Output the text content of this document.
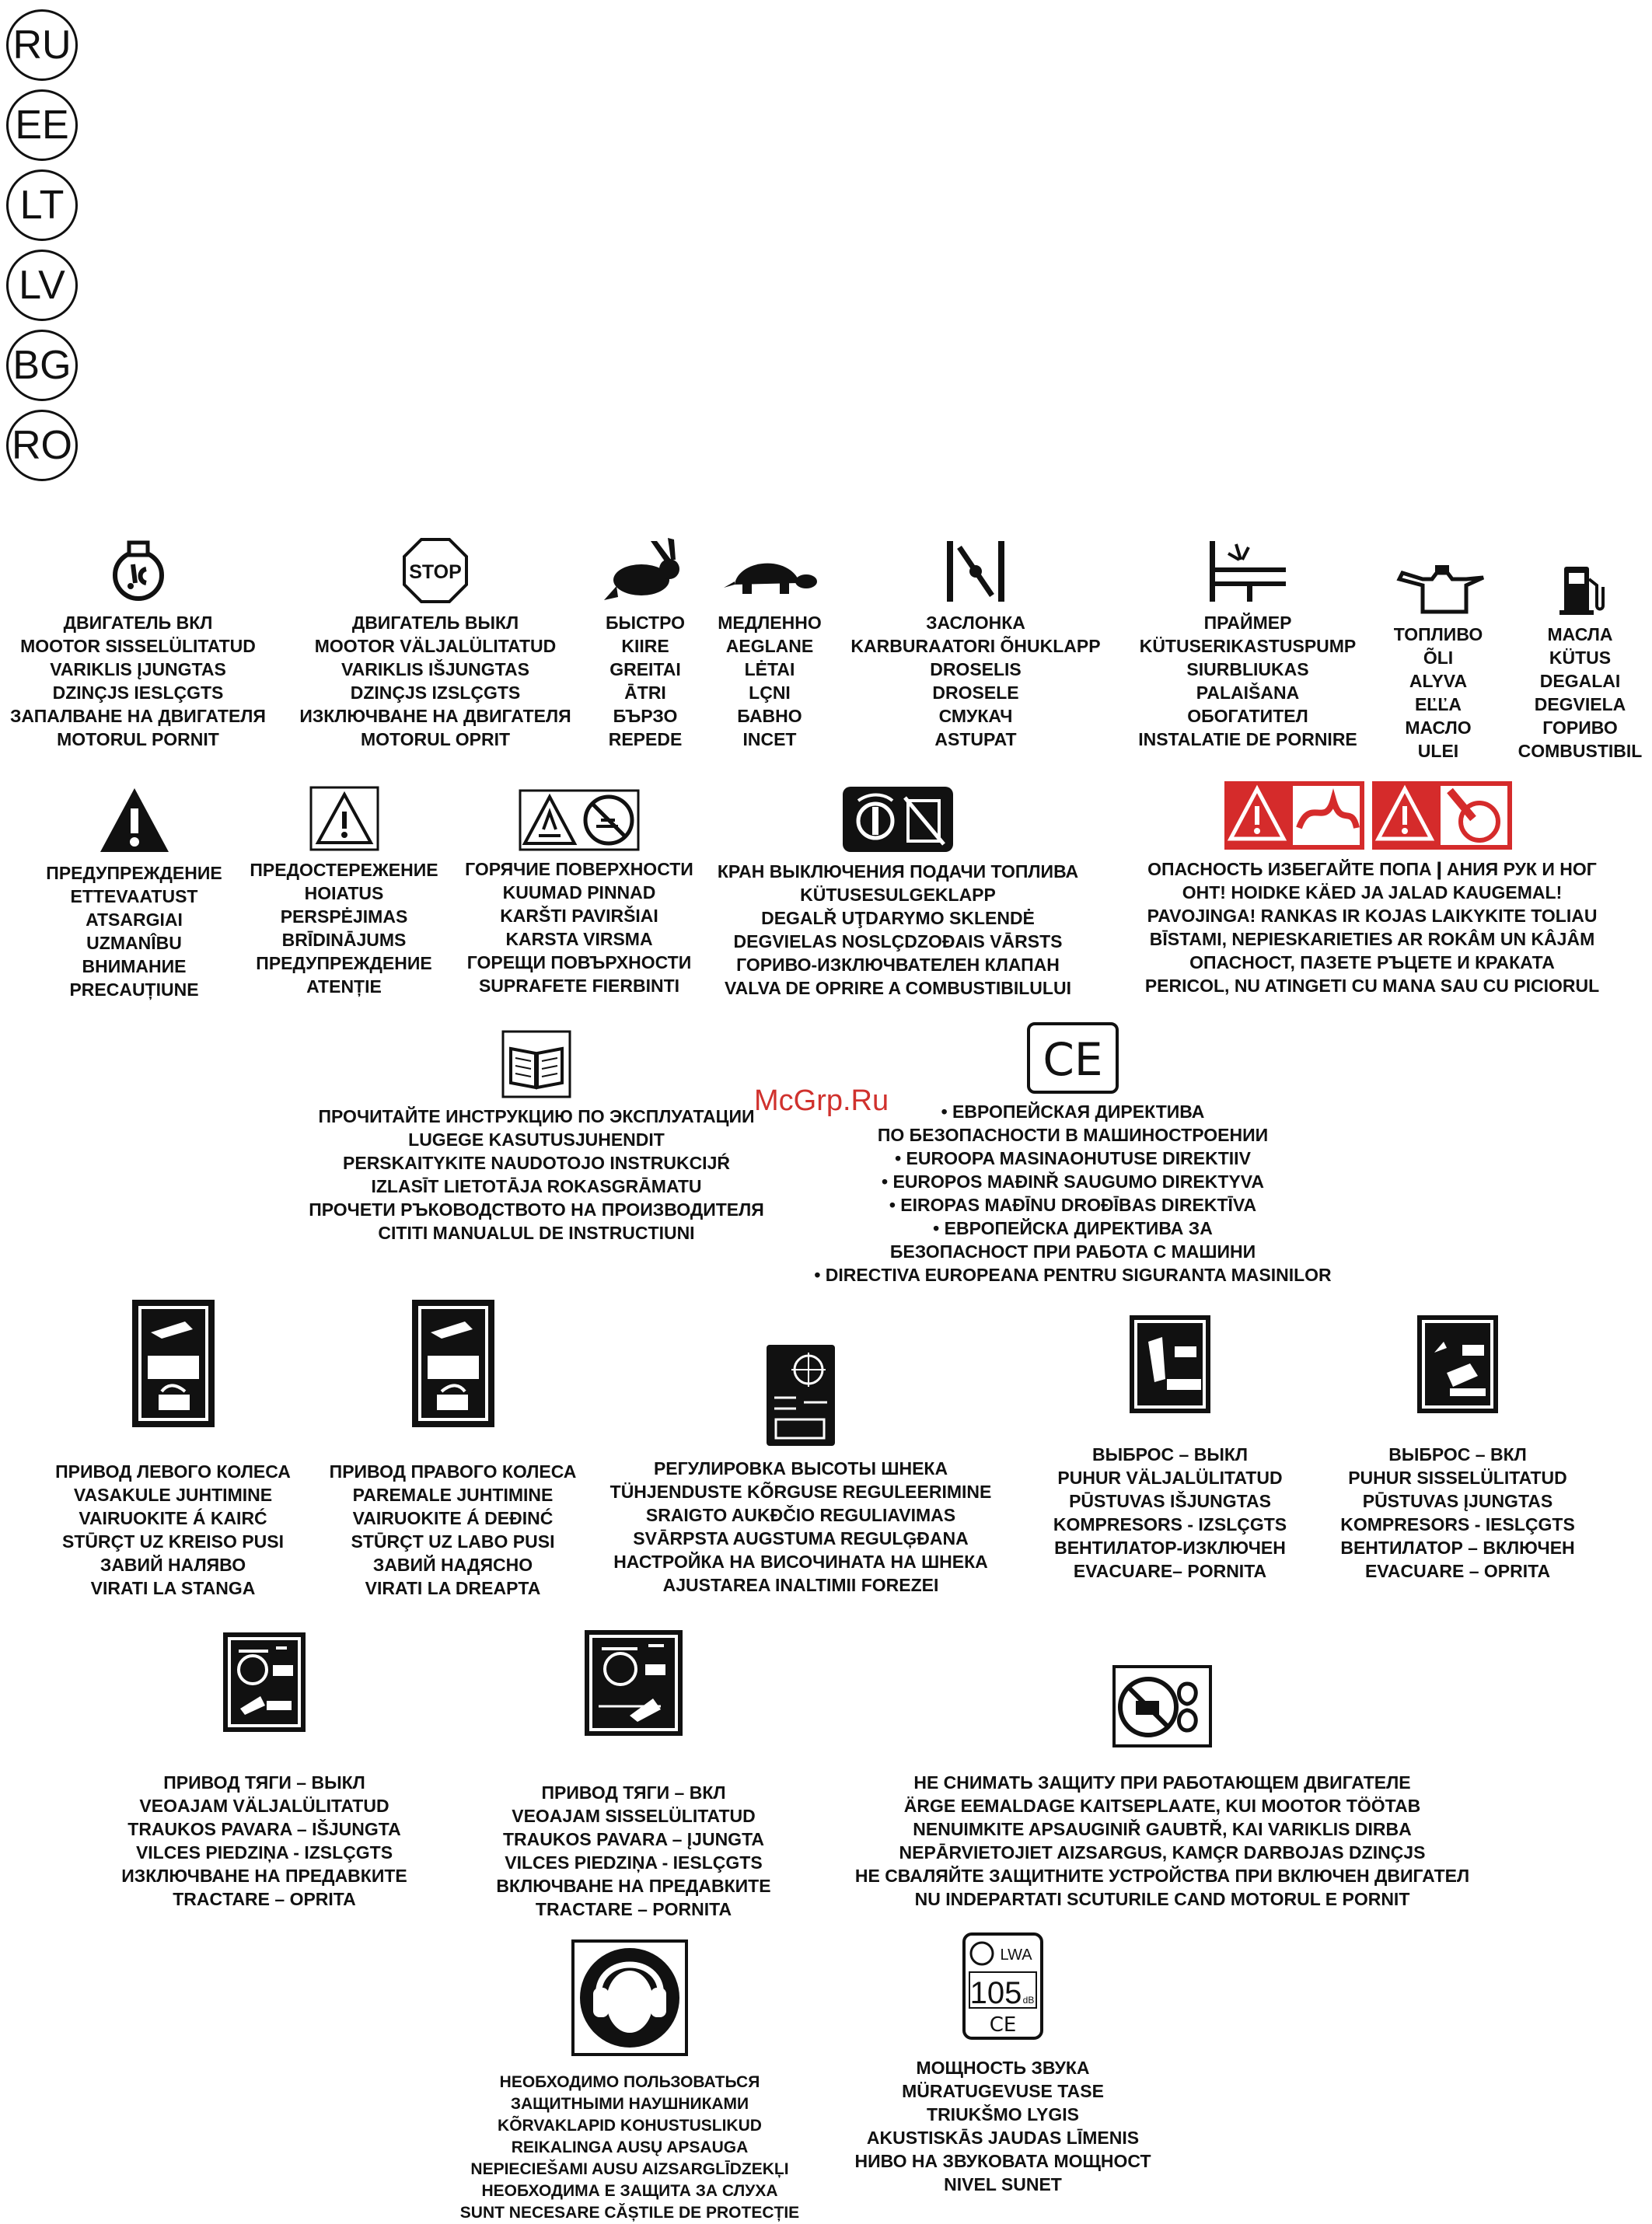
RU
EE
LT
LV
BG
RO
ДВИГАТЕЛЬ ВКЛ
MOOTOR SISSELÜLITATUD
VARIKLIS ĮJUNGTAS
DZINÇJS IESLÇGTS
ЗАПАЛВАНЕ НА ДВИГАТЕЛЯ
MOTORUL PORNIT
STOP
ДВИГАТЕЛЬ ВЫКЛ
MOOTOR VÄLJALÜLITATUD
VARIKLIS IŠJUNGTAS
DZINÇJS IZSLÇGTS
ИЗКЛЮЧВАНЕ НА ДВИГАТЕЛЯ
MOTORUL OPRIT
БЫСТРО
KIIRE
GREITAI
ĀTRI
БЪРЗО
REPEDE
МЕДЛЕННО
AEGLANE
LĖTAI
LÇNI
БАВНО
INCET
ЗАСЛОНКА
KARBURAATORI ÕHUKLAPP
DROSELIS
DROSELE
СМУКАЧ
ASTUPAT
ПРАЙМЕР
KÜTUSERIKASTUSPUMP
SIURBLIUKAS
PALAIŠANA
ОБОГАТИТЕЛ
INSTALATIE DE PORNIRE
ТОПЛИВО
ÕLI
ALYVA
EĽĽA
МАСЛО
ULEI
МАСЛА
KÜTUS
DEGALAI
DEGVIELA
ГОРИВО
COMBUSTIBIL
ПРЕДУПРЕЖДЕНИЕ
ETTEVAATUST
ATSARGIAI
UZMANÎBU
ВНИМАНИЕ
PRECAUȚIUNE
ПРЕДОСТЕРЕЖЕНИЕ
HOIATUS
PERSPĖJIMAS
BRĪDINĀJUMS
ПРЕДУПРЕЖДЕНИЕ
ATENȚIE
ГОРЯЧИЕ ПОВЕРХНОСТИ
KUUMAD PINNAD
KARŠTI PAVIRŠIAI
KARSTA VIRSMA
ГОРЕЩИ ПОВЪРХНОСТИ
SUPRAFETE FIERBINTI
КРАН ВЫКЛЮЧЕНИЯ ПОДАЧИ ТОПЛИВА
KÜTUSESULGEKLAPP
DEGALŘ UŢDARYMO SKLENDĖ
DEGVIELAS NOSLÇDZOĐAIS VĀRSTS
ГОРИВО-ИЗКЛЮЧВАТЕЛЕН КЛАПАН
VALVA DE OPRIRE A COMBUSTIBILULUI
ОПАСНОСТЬ ИЗБЕГАЙТЕ ПОПА❙АНИЯ РУК И НОГ
OHT! HOIDKE KÄED JA JALAD KAUGEMAL!
PAVOJINGA! RANKAS IR KOJAS LAIKYKITE TOLIAU
BĪSTAMI, NEPIESKARIETIES AR ROKÂM UN KÂJÂM
ОПАСНОСТ, ПАЗЕТЕ РЪЦЕТЕ И КРАКАТА
PERICOL, NU ATINGETI CU MANA SAU CU PICIORUL
ПРОЧИТАЙТЕ ИНСТРУКЦИЮ ПО ЭКСПЛУАТАЦИИ
LUGEGE KASUTUSJUHENDIT
PERSKAITYKITE NAUDOTOJO INSTRUKCIJŔ
IZLASĪT LIETOTĀJA ROKASGRĀMATU
ПРОЧЕТИ РЪКОВОДСТВОТО НА ПРОИЗВОДИТЕЛЯ
CITITI MANUALUL DE INSTRUCTIUNI
CE
• ЕВРОПЕЙСКАЯ ДИРЕКТИВА
ПО БЕЗОПАСНОСТИ В МАШИНОСТРОЕНИИ
• EUROOPA MASINAOHUTUSE DIREKTIIV
• EUROPOS MAĐINŘ SAUGUMO DIREKTYVA
• EIROPAS MAĐĪNU DROĐĪBAS DIREKTĪVA
• ЕВРОПЕЙСКА ДИРЕКТИВА ЗА
БЕЗОПАСНОСТ ПРИ РАБОТА С МАШИНИ
• DIRECTIVA EUROPEANA PENTRU SIGURANTA MASINILOR
McGrp.Ru
ПРИВОД ЛЕВОГО КОЛЕСА
VASAKULE JUHTIMINE
VAIRUOKITE Á KAIRĆ
STŪRÇT UZ KREISO PUSI
ЗАВИЙ НАЛЯВО
VIRATI LA STANGA
ПРИВОД ПРАВОГО КОЛЕСА
PAREMALE JUHTIMINE
VAIRUOKITE Á DEĐINĆ
STŪRÇT UZ LABO PUSI
ЗАВИЙ НАДЯСНО
VIRATI LA DREAPTA
РЕГУЛИРОВКА ВЫСОТЫ ШНЕКА
TÜHJENDUSTE KÕRGUSE REGULEERIMINE
SRAIGTO AUKĐČIO REGULIAVIMAS
SVĀRPSTA AUGSTUMA REGULĢĐANA
НАСТРОЙКА НА ВИСОЧИНАТА НА ШНЕКА
AJUSTAREA INALTIMII FOREZEI
ВЫБРОС – ВЫКЛ
PUHUR VÄLJALÜLITATUD
PŪSTUVAS IŠJUNGTAS
KOMPRESORS - IZSLÇGTS
ВЕНТИЛАТОР-ИЗКЛЮЧЕН
EVACUARE– PORNITA
ВЫБРОС – ВКЛ
PUHUR SISSELÜLITATUD
PŪSTUVAS ĮJUNGTAS
KOMPRESORS - IESLÇGTS
ВЕНТИЛАТОР – ВКЛЮЧЕН
EVACUARE – OPRITA
ПРИВОД ТЯГИ – ВЫКЛ
VEOAJAM VÄLJALÜLITATUD
TRAUKOS PAVARA – IŠJUNGTA
VILCES PIEDZIŅA - IZSLÇGTS
ИЗКЛЮЧВАНЕ НА ПРЕДАВКИТЕ
TRACTARE – OPRITA
ПРИВОД ТЯГИ – ВКЛ
VEOAJAM SISSELÜLITATUD
TRAUKOS PAVARA – ĮJUNGTA
VILCES PIEDZIŅA - IESLÇGTS
ВКЛЮЧВАНЕ НА ПРЕДАВКИТЕ
TRACTARE – PORNITA
НЕ СНИМАТЬ ЗАЩИТУ ПРИ РАБОТАЮЩЕМ ДВИГАТЕЛЕ
ÄRGE EEMALDAGE KAITSEPLAATE, KUI MOOTOR TÖÖTAB
NENUIMKITE APSAUGINIŘ GAUBTŘ, KAI VARIKLIS DIRBA
NEPĀRVIETOJIET AIZSARGUS, KAMÇR DARBOJAS DZINÇJS
НЕ СВАЛЯЙТЕ ЗАЩИТНИТЕ УСТРОЙСТВА ПРИ ВКЛЮЧЕН ДВИГАТЕЛ
NU INDEPARTATI SCUTURILE CAND MOTORUL E PORNIT
НЕОБХОДИМО ПОЛЬЗОВАТЬСЯ
ЗАЩИТНЫМИ НАУШНИКАМИ
KÕRVAKLAPID KOHUSTUSLIKUD
REIKALINGA AUSŲ APSAUGA
NEPIECIEŠAMI AUSU AIZSARGLĪDZEKĻI
НЕОБХОДИМА Е ЗАЩИТА ЗА СЛУХА
SUNT NECESARE CĂȘTILE DE PROTECȚIE
LWA
105 dB
CE
МОЩНОСТЬ ЗВУКА
MÜRATUGEVUSE TASE
TRIUKŠMO LYGIS
AKUSTISKĀS JAUDAS LĪMENIS
НИВО НА ЗВУКОВАТА МОЩНОСТ
NIVEL SUNET
